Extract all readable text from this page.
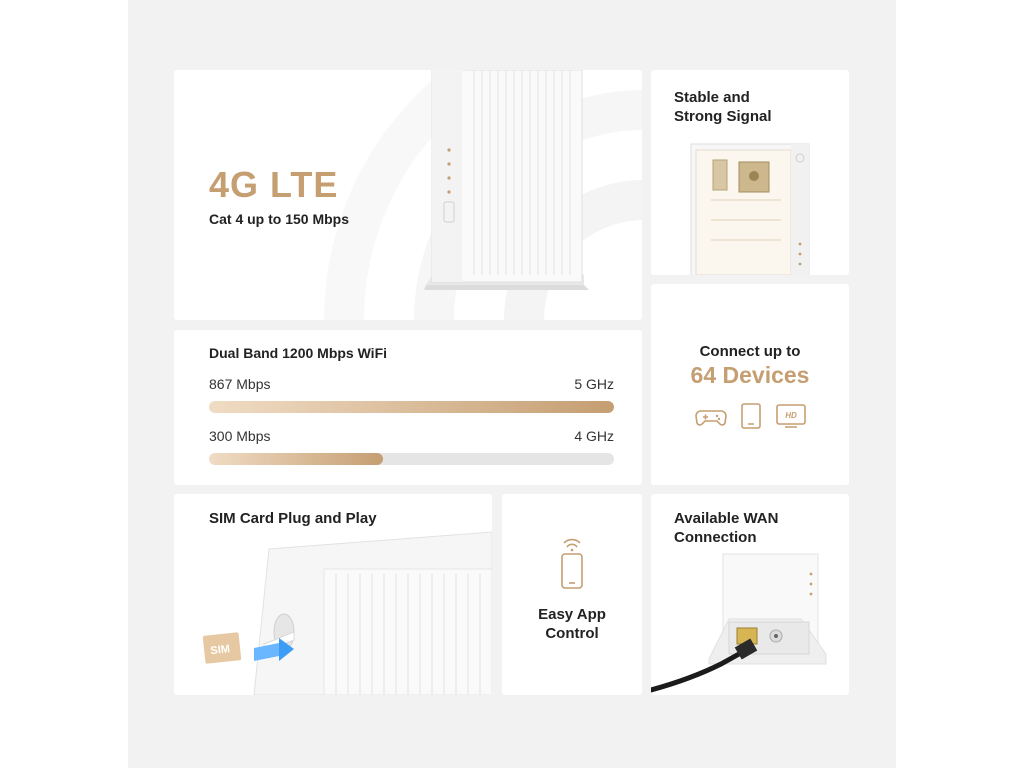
4G LTE
Cat 4 up to 150 Mbps
Stable and
Strong Signal
Dual Band 1200 Mbps WiFi
867 Mbps	5 GHz
300 Mbps	4 GHz
Connect up to
64 Devices
HD
SIM Card Plug and Play
SIM
Easy App
Control
Available WAN
Connection
